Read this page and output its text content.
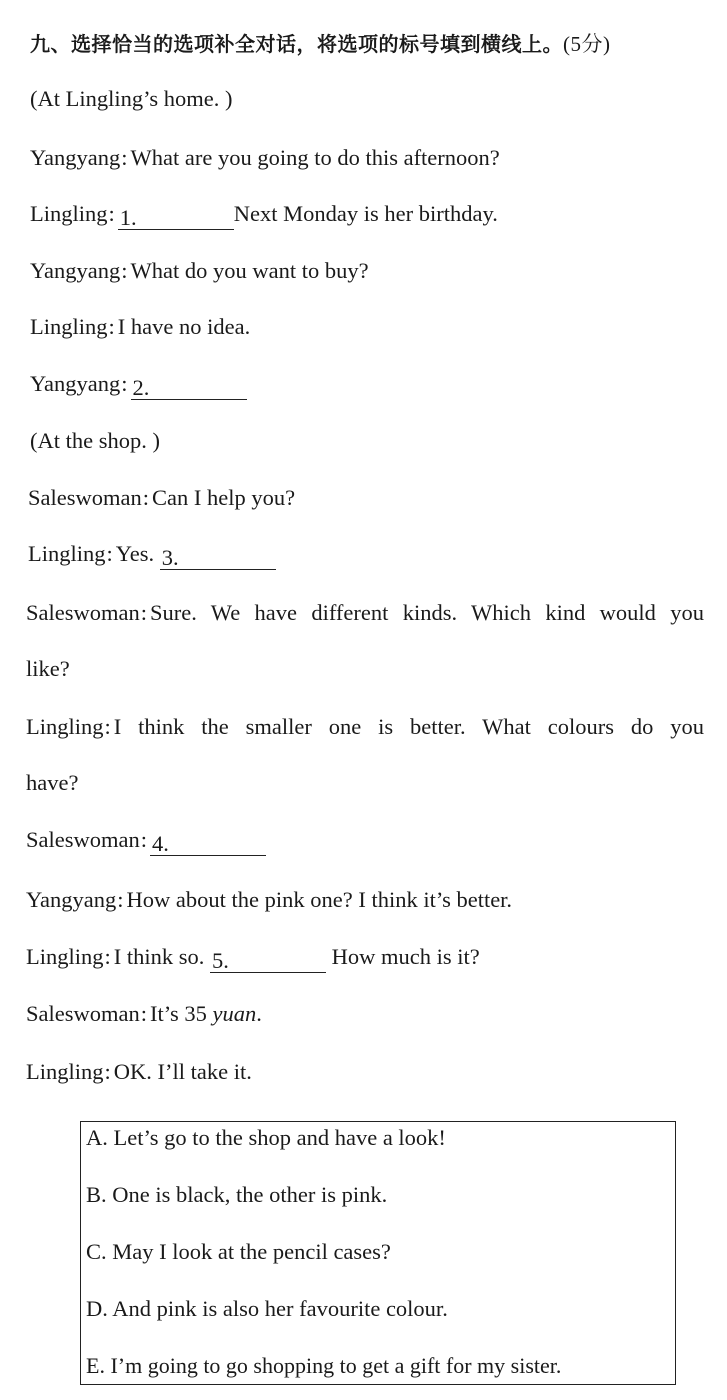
九、选择恰当的选项补全对话，将选项的标号填到横线上。(5分)
(At Lingling’s home. )
Yangyang: What are you going to do this afternoon?
Lingling: 1.	Next Monday is her birthday.
Yangyang: What do you want to buy?
Lingling: I have no idea.
Yangyang: 2.
(At the shop. )
Saleswoman: Can I help you?
Lingling: Yes. 3.
Saleswoman: Sure. We have different kinds. Which kind would you
like?
Lingling: I think the smaller one is better. What colours do you
have?
Saleswoman: 4.
Yangyang: How about the pink one? I think it’s better.
Lingling: I think so. 5.	How much is it?
Saleswoman: It’s 35 yuan.
Lingling: OK. I’ll take it.
A. Let’s go to the shop and have a look!
B. One is black, the other is pink.
C. May I look at the pencil cases?
D. And pink is also her favourite colour.
E. I’m going to go shopping to get a gift for my sister.
